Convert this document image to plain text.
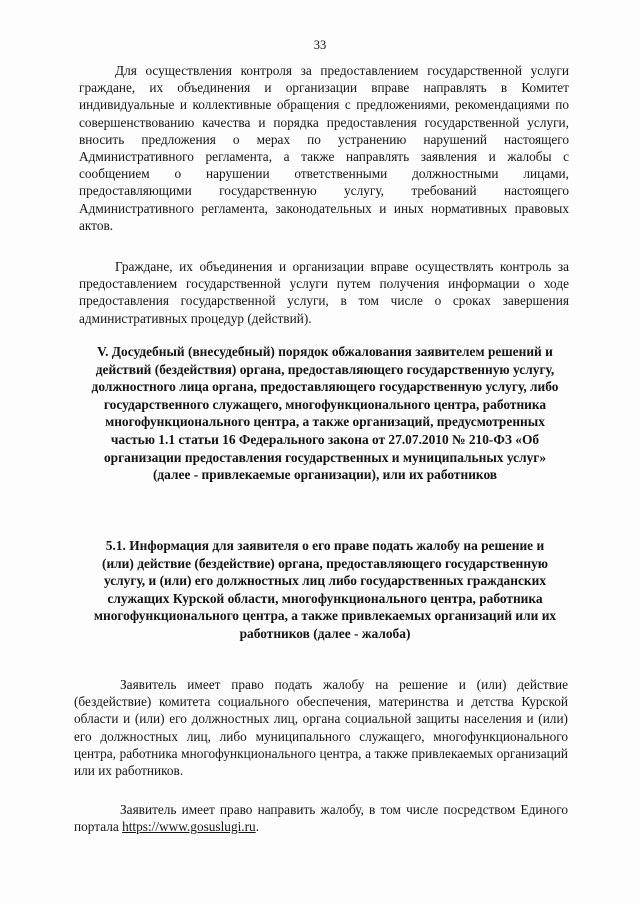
33

Для осуществления контроля за предоставлением государственной услуги граждане, их объединения и организации вправе направлять в Комитет индивидуальные и коллективные обращения с предложениями, рекомендациями по совершенствованию качества и порядка предоставления государственной услуги, вносить предложения о мерах по устранению нарушений настоящего Административного регламента, а также направлять заявления и жалобы с сообщением о нарушении ответственными должностными лицами, предоставляющими государственную услугу, требований настоящего Административного регламента, законодательных и иных нормативных правовых актов.

Граждане, их объединения и организации вправе осуществлять контроль за предоставлением государственной услуги путем получения информации о ходе предоставления государственной услуги, в том числе о сроках завершения административных процедур (действий).

V. Досудебный (внесудебный) порядок обжалования заявителем решений и действий (бездействия) органа, предоставляющего государственную услугу, должностного лица органа, предоставляющего государственную услугу, либо государственного служащего, многофункционального центра, работника многофункционального центра, а также организаций, предусмотренных частью 1.1 статьи 16 Федерального закона от 27.07.2010 № 210-ФЗ «Об организации предоставления государственных и муниципальных услуг» (далее - привлекаемые организации), или их работников

5.1. Информация для заявителя о его праве подать жалобу на решение и (или) действие (бездействие) органа, предоставляющего государственную услугу, и (или) его должностных лиц либо государственных гражданских служащих Курской области, многофункционального центра, работника многофункционального центра, а также привлекаемых организаций или их работников (далее - жалоба)

Заявитель имеет право подать жалобу на решение и (или) действие (бездействие) комитета социального обеспечения, материнства и детства Курской области и (или) его должностных лиц, органа социальной защиты населения и (или) его должностных лиц, либо муниципального служащего, многофункционального центра, работника многофункционального центра, а также привлекаемых организаций или их работников.

Заявитель имеет право направить жалобу, в том числе посредством Единого портала https://www.gosuslugi.ru.
